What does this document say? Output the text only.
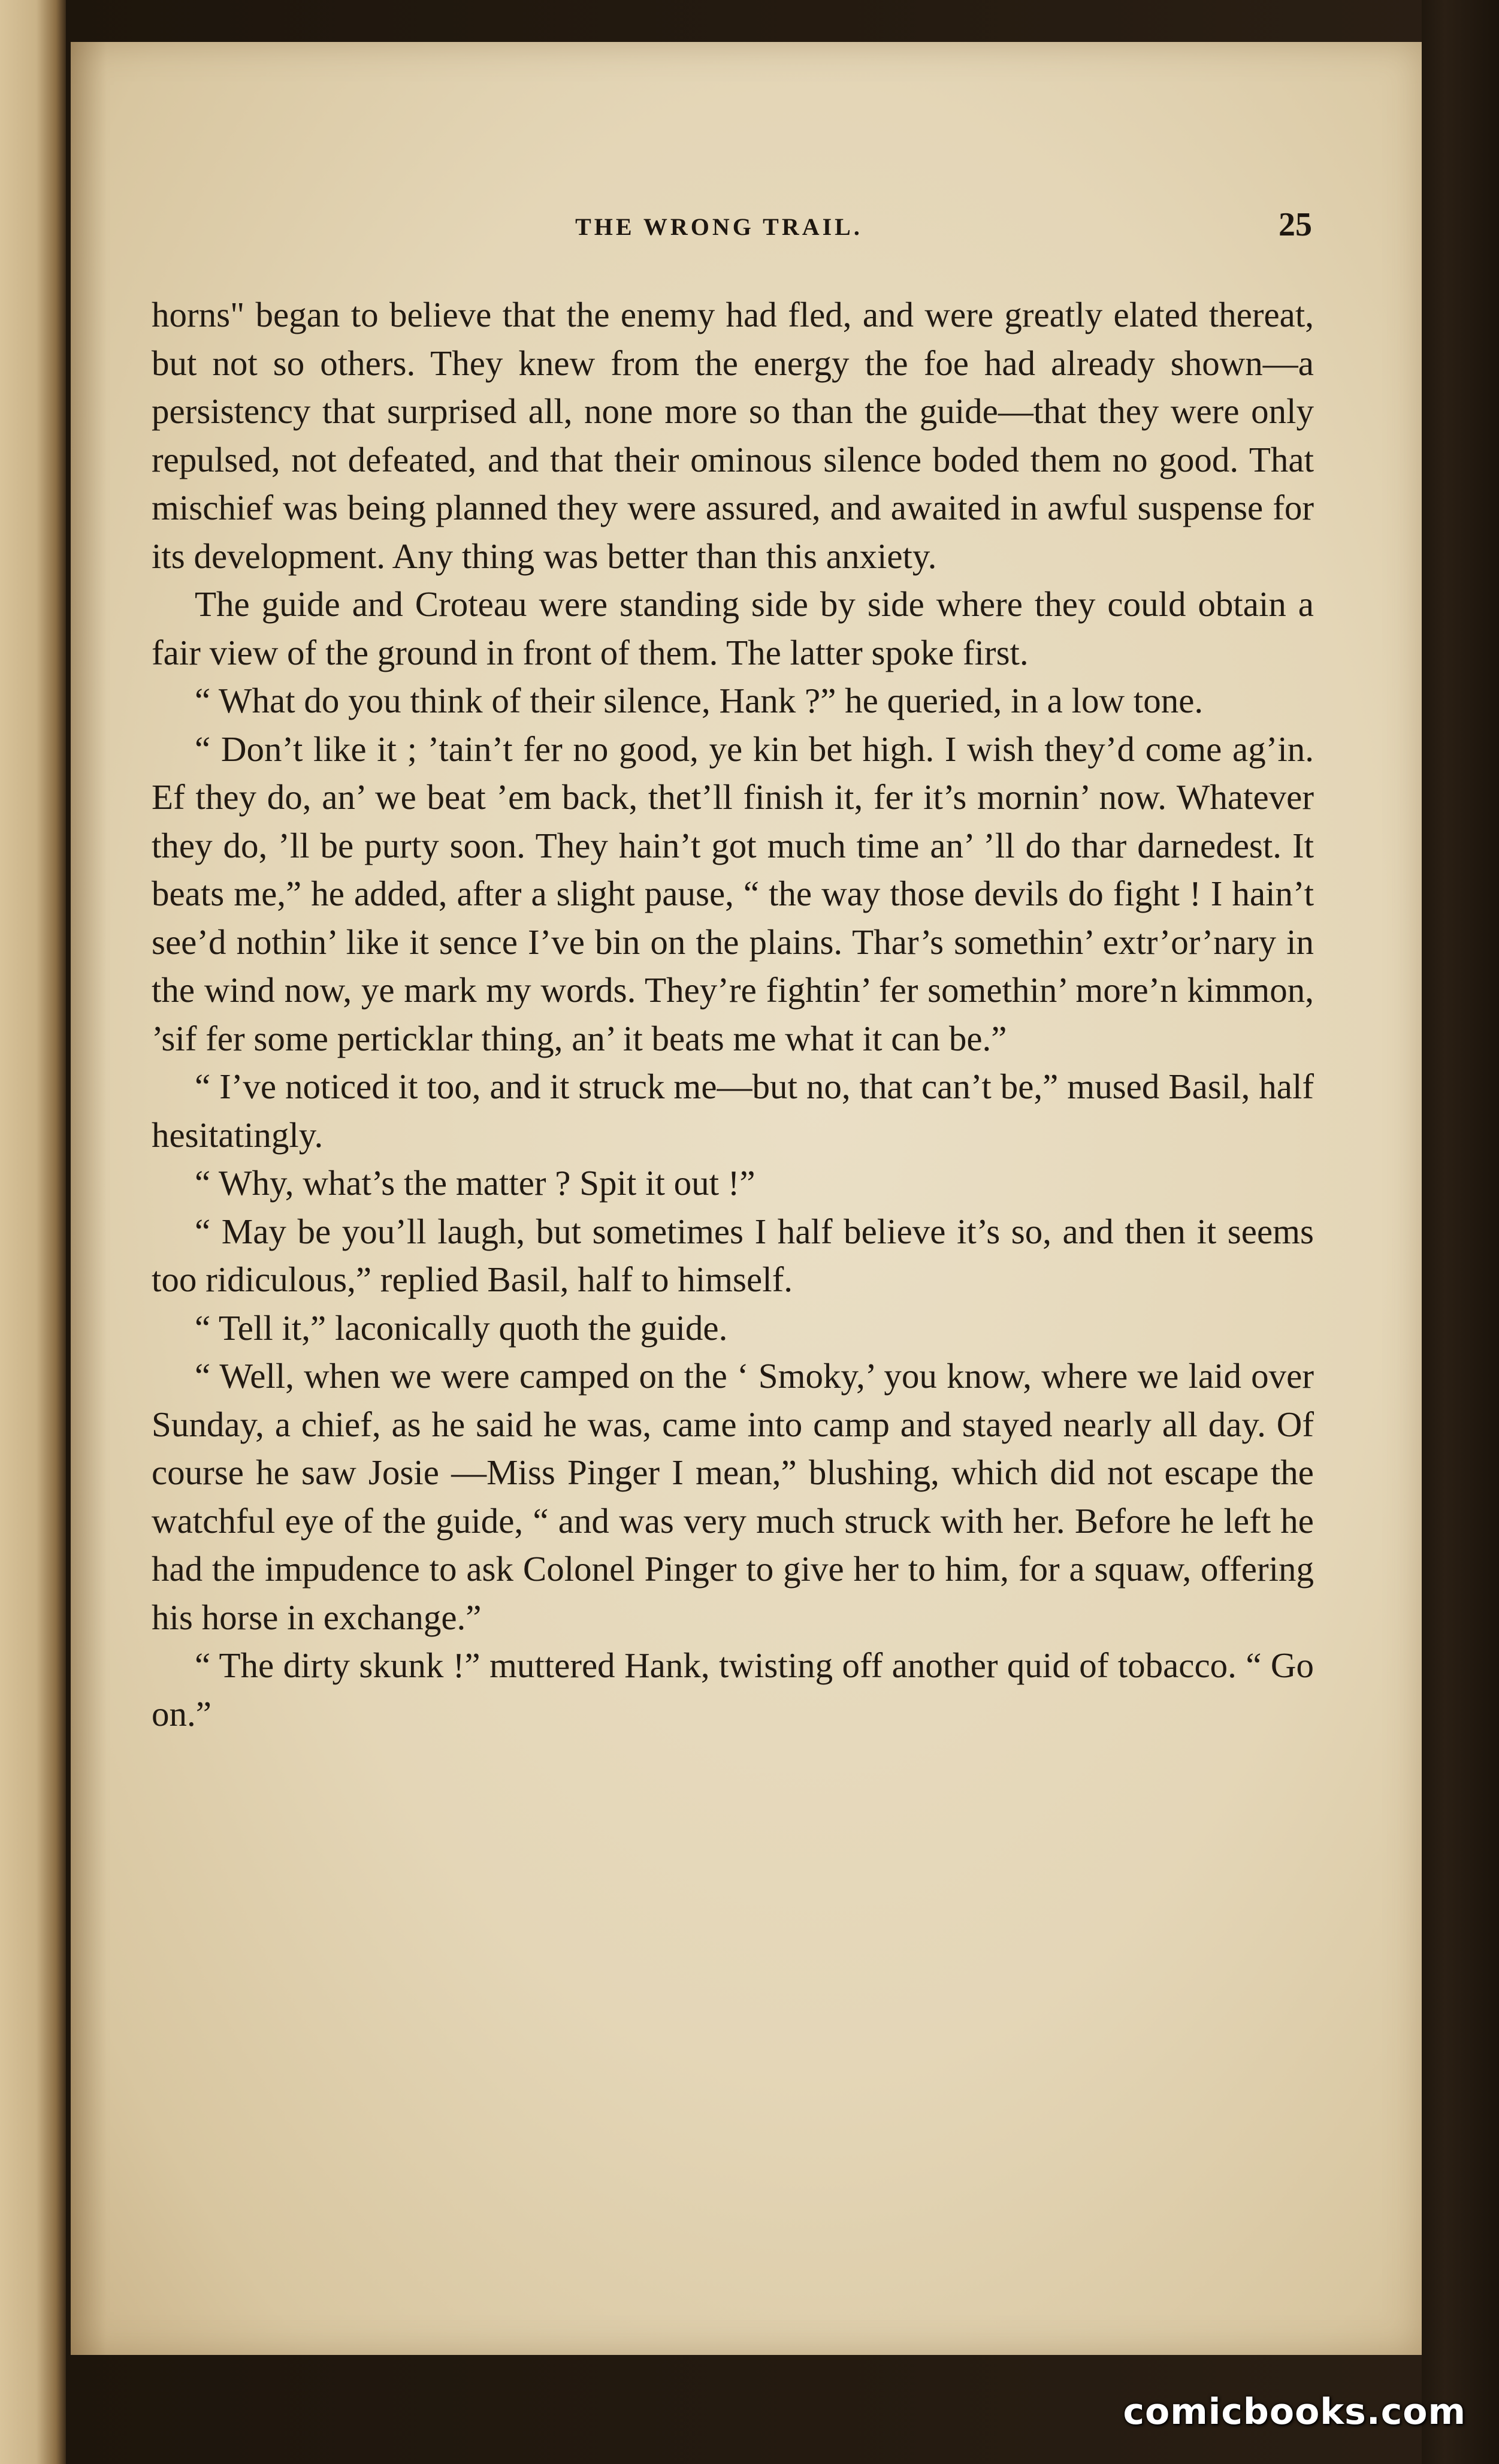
THE WRONG TRAIL.	25

horns" began to believe that the enemy had fled, and were greatly elated thereat, but not so others. They knew from the energy the foe had already shown—a persistency that surprised all, none more so than the guide—that they were only repulsed, not defeated, and that their ominous silence boded them no good. That mischief was being planned they were assured, and awaited in awful suspense for its development. Any thing was better than this anxiety.

The guide and Croteau were standing side by side where they could obtain a fair view of the ground in front of them. The latter spoke first.

“ What do you think of their silence, Hank ?” he queried, in a low tone.

“ Don’t like it ; ’tain’t fer no good, ye kin bet high. I wish they’d come ag’in. Ef they do, an’ we beat ’em back, thet’ll finish it, fer it’s mornin’ now. Whatever they do, ’ll be purty soon. They hain’t got much time an’ ’ll do thar darnedest. It beats me,” he added, after a slight pause, “ the way those devils do fight ! I hain’t see’d nothin’ like it sence I’ve bin on the plains. Thar’s somethin’ extr’or’nary in the wind now, ye mark my words. They’re fightin’ fer somethin’ more’n kimmon, ’sif fer some perticklar thing, an’ it beats me what it can be.”

“ I’ve noticed it too, and it struck me—but no, that can’t be,” mused Basil, half hesitatingly.

“ Why, what’s the matter ? Spit it out !”

“ May be you’ll laugh, but sometimes I half believe it’s so, and then it seems too ridiculous,” replied Basil, half to himself.

“ Tell it,” laconically quoth the guide.

“ Well, when we were camped on the ‘ Smoky,’ you know, where we laid over Sunday, a chief, as he said he was, came into camp and stayed nearly all day. Of course he saw Josie —Miss Pinger I mean,” blushing, which did not escape the watchful eye of the guide, “ and was very much struck with her. Before he left he had the impudence to ask Colonel Pinger to give her to him, for a squaw, offering his horse in exchange.”

“ The dirty skunk !” muttered Hank, twisting off another quid of tobacco. “ Go on.”

comicbooks.com
